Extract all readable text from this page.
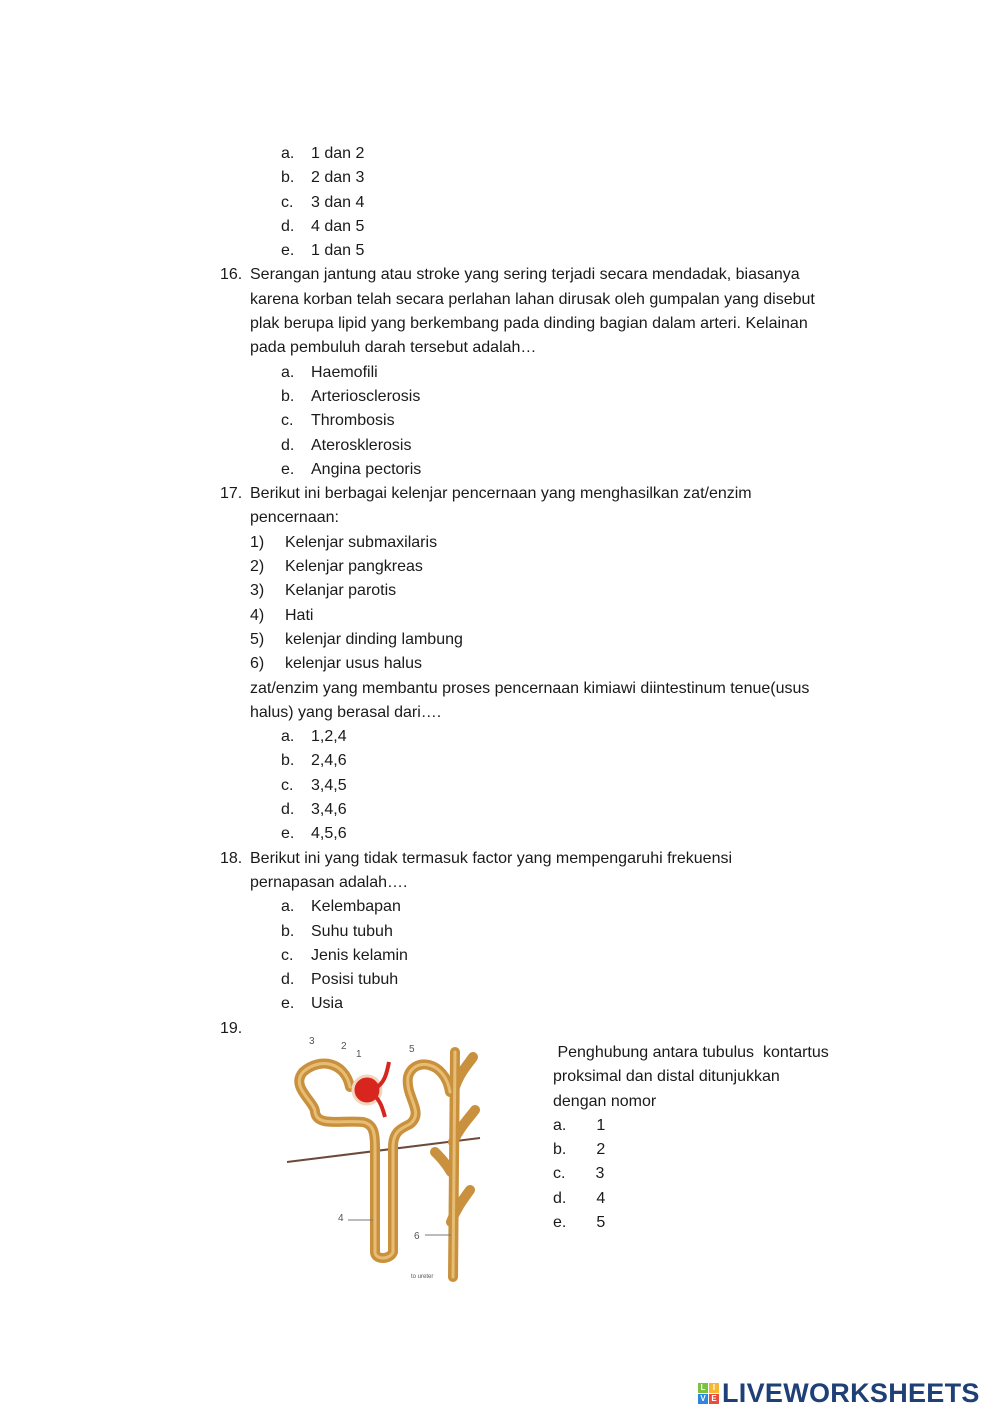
a. 1 dan 2
b. 2 dan 3
c. 3 dan 4
d. 4 dan 5
e. 1 dan 5
16. Serangan jantung atau stroke yang sering terjadi secara mendadak, biasanya
karena korban telah secara perlahan lahan dirusak oleh gumpalan yang disebut
plak berupa lipid yang berkembang pada dinding bagian dalam arteri. Kelainan
pada pembuluh darah tersebut adalah…
a. Haemofili
b. Arteriosclerosis
c. Thrombosis
d. Aterosklerosis
e. Angina pectoris
17. Berikut ini berbagai kelenjar pencernaan yang menghasilkan zat/enzim
pencernaan:
1) Kelenjar submaxilaris
2) Kelenjar pangkreas
3) Kelanjar parotis
4) Hati
5) kelenjar dinding lambung
6) kelenjar usus halus
zat/enzim yang membantu proses pencernaan kimiawi diintestinum tenue(usus
halus) yang berasal dari….
a. 1,2,4
b. 2,4,6
c. 3,4,5
d. 3,4,6
e. 4,5,6
18. Berikut ini yang tidak termasuk factor yang mempengaruhi frekuensi
pernapasan adalah….
a. Kelembapan
b. Suhu tubuh
c. Jenis kelamin
d. Posisi tubuh
e. Usia
19.
3	2
1	5
4
6
to ureter
Penghubung antara tubulus  kontartus
proksimal dan distal ditunjukkan
dengan nomor
a. 1
b. 2
c. 3
d. 4
e. 5
L I
V E LIVEWORKSHEETS
